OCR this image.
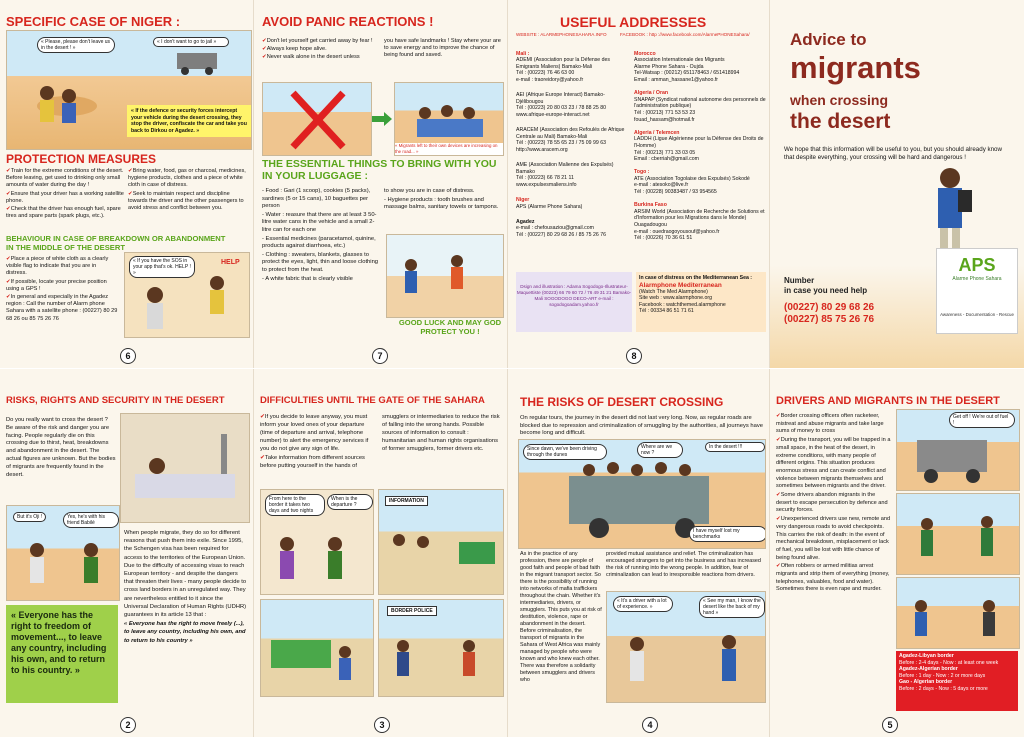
SPECIFIC CASE OF NIGER :
« Please, please don't leave us in the desert ! »
« I don't want to go to jail »
« If the defence or security forces intercept your vehicle during the desert crossing, they stop the driver, confiscate the car and take you back to Dirkou or Agadez. »
PROTECTION MEASURES

✔ Train for the extreme conditions of the desert. Before leaving, get used to drinking only small amounts of water during the day !

✔ Ensure that your driver has a working satellite phone.

✔ Check that the driver has enough fuel, spare tires and spare parts (spark plugs, etc.).

✔ Bring water, food, gas or charcoal, medicines, hygiene products, clothes and a piece of white cloth in case of distress.

✔ Seek to maintain respect and discipline towards the driver and the other passengers to avoid stress and conflict between you.

BEHAVIOUR IN CASE OF BREAKDOWN OR ABANDONMENT IN THE MIDDLE OF THE DESERT

✔ Place a piece of white cloth as a clearly visible flag to indicate that you are in distress.

✔ If possible, locate your precise position using a GPS !

✔ In general and especially in the Agadez region : Call the number of Alarm phone Sahara with a satellite phone : (00227) 80 29 68 26 ou 85 75 26 76

« If you have the SOS in your app that's ok. HELP ! »
HELP
6
AVOID PANIC REACTIONS !

✔ Don't let yourself get carried away by fear !

✔ Always keep hope alive.

✔ Never walk alone in the desert unless

you have safe landmarks ! Stay where your are to save energy and to improve the chance of being found and saved.
« Migrants left to their own devices are increasing on the road... »
THE ESSENTIAL THINGS TO BRING WITH YOU IN YOUR LUGGAGE :

- Food : Gari (1 scoop), cookies (5 packs), sardines (5 or 15 cans), 10 baguettes per person

- Water : reasure that there are at least 3 50-litre water cans in the vehicle and a small 2-litre can for each one

- Essential medicines (paracetamol, quinine, products against diarrhoea, etc.)

- Clothing : sweaters, blankets, glasses to protect the eyes, light, thin and loose clothing to protect from the heat.

- A white fabric that is clearly visible

to show you are in case of distress.

- Hygiene products : tooth brushes and massage balms, sanitary towels or tampons.

GOOD LUCK AND MAY GOD PROTECT YOU !
7
USEFUL ADDRESSES
WEBSITE : ALARMEPHONESAHARA.INFO	FACEBOOK : http ://www.facebook.com/AlarmePHONESahara/

Mali :
ADEMI (Association pour la Défense des Emigrants Maliens) Bamako-Mali
Tél : (00223) 76 46 63 00
e-mail : traoreidory@yahoo.fr

AEI (Afrique Europe Interact) Bamako-Djélibougou
Tél : (00223) 20 80 03 23 / 78 88 25 80
www.afrique-europe-interact.net

ARACEM (Association des Refoulés de Afrique Centrale au Mali) Bamako-Mali
Tél : (00223) 78 55 65 23 / 75 09 99 63
http://www.aracem.org

AME (Association Malienne des Expulsés) Bamako
Tél : (00223) 66 78 21 11
www.expulsesmaliens.info

Niger
APS (Alarme Phone Sahara)

Agadez
e-mail : chefousaziou@gmail.com
Tél : (00227) 80 29 68 26 / 85 75 26 76

Morocco
Association Internationale des Migrants
Alarme Phone Sahara - Oujda
Tel-Watsap : (00212) 651178463 / 651418994
Email : amman_hassane1@yahoo.fr

Algeria / Oran
SNAPAP (Syndicat national autonome des personnels de l'administration publique)
Tél : (00213) 771 53 53 23
fouad_hassam@hotmail.fr

Algeria / Telemcen
LADDH (Ligue Algérienne pour la Défense des Droits de l'Homme)
Tél : (00213) 771 33 03 05
Email : cberriah@gmail.com

Togo :
ATE (Association Togolaise des Expulsés) Sokodé
e-mail : atesoko@live.fr
Tél : (00228) 90383487 / 93 954565

Burkina Faso
ARSIM World (Association de Recherche de Solutions et d'Information pour les Migrations dans le Monde) Ouagadougou
e-mail : ouedraogoyousouf@yahoo.fr
Tél : (00226) 70 36 61 51

Dsign and illustration : Adama Sogodogo-Illustrateur-Maquettiste (00223) 66 79 60 72 / 76 49 31 21 Bamako-Mali SOGODOGO DECO-ART e-mail : sogodogoadam.yahoo.fr
In case of distress on the Mediterranean Sea :
Alarmphone Mediterranean
(Watch The Med Alarmphone)
Site web : www.alarmphone.org
Facebook : watchthemed.alarmphone
Tél : 00334 86 51 71 61
8
Advice to
migrants
when crossing
the desert
We hope that this information will be useful to you, but you should already know that despite everything, your crossing will be hard and dangerous !
Number
in case you need help
(00227) 80 29 68 26
(00227) 85 75 26 76
APS
Alarme Phone Sahara
Awareness - Documentation - Rescue
RISKS, RIGHTS AND SECURITY IN THE DESERT
Do you really want to cross the desert ? Be aware of the risk and danger you are facing. People regularly die on this crossing due to thirst, heat, breakdowns and abandonment in the desert. The actual figures are unknown. But the bodies of migrants are frequently found in the desert.
But it's Oji !	Yes, he's with his friend Babilé

When people migrate, they do so for different reasons that push them into exile. Since 1995, the Schengen visa has been required for access to the territories of the European Union. Due to the difficulty of accessing visas to reach European territory - and despite the dangers that threaten their lives - many people decide to cross land borders in an unregulated way. They are nevertheless entitled to it since the Universal Declaration of Human Rights (UDHR) guarantees in its article 13 that :

« Everyone has the right to move freely (...), to leave any country, including his own, and to return to his country »

« Everyone has the right to freedom of movement..., to leave any country, including his own, and to return to his country. »
2
DIFFICULTIES UNTIL THE GATE OF THE SAHARA

✔ If you decide to leave anyway, you must inform your loved ones of your departure (time of departure and arrival, telephone number) to alert the emergency services if you do not give any sign of life.

✔ Take information from different sources before putting yourself in the hands of

smugglers or intermediaries to reduce the risk of falling into the wrong hands. Possible sources of information to consult : humanitarian and human rights organisations of former smugglers, former drivers etc.
From here to the border it takes two days and two nights
When is the departure ?
INFORMATION
BORDER POLICE
3
THE RISKS OF DESERT CROSSING
On regular tours, the journey in the desert did not last very long. Now, as regular roads are blocked due to repression and criminalization of smuggling by the authorities, all journeys have become long and difficult.
Since dawn, we've been driving through the dunes
Where are we now ?
In the desert !!!
I have myself lost my benchmarks
As in the practice of any profession, there are people of good faith and people of bad faith in the migrant transport sector. So there is the possibility of running into networks of mafia traffickers throughout the chain. Whether it's intermediaries, drivers, or smugglers. This puts you at risk of destitution, violence, rape or abandonment in the desert. Before criminalisation, the transport of migrants in the Sahara of West Africa was mainly managed by people who were known and who knew each other. There was therefore a solidarity between smugglers and drivers who
provided mutual assistance and relief. The criminalization has encouraged strangers to get into the business and has increased the risk of running into the wrong people. In addition, fear of criminalization can lead to irresponsible reactions from drivers.
« It's a driver with a lot of experience. »
« See my man, I know the desert like the back of my hand »
4
DRIVERS AND MIGRANTS IN THE DESERT

✔ Border crossing officers often racketeer, mistreat and abuse migrants and take large sums of money to cross

✔ During the transport, you will be trapped in a small space, in the heat of the desert, in extreme conditions, with many people of different origins. This situation produces enormous stress and can create conflict and violence between migrants themselves and sometimes between migrants and the driver.

✔ Some drivers abandon migrants in the desert to escape persecution by defence and security forces.

✔ Unexperienced drivers use new, remote and very dangerous roads to avoid checkpoints. This carries the risk of death: in the event of mechanical breakdown, misplacement or lack of fuel, you will be lost with little chance of being found alive.

✔ Often robbers or armed militias arrest migrants and strip them of everything (money, telephones, valuables, food and water). Sometimes there is even rape and murder.

Get off ! We're out of fuel !
Agadez-Libyan border
Before : 2-4 days - Now : at least one week
Agadez-Algerian border
Before : 1 day - Now : 2 or more days
Gao - Algerian border
Before : 2 days - Now : 5 days or more
5
